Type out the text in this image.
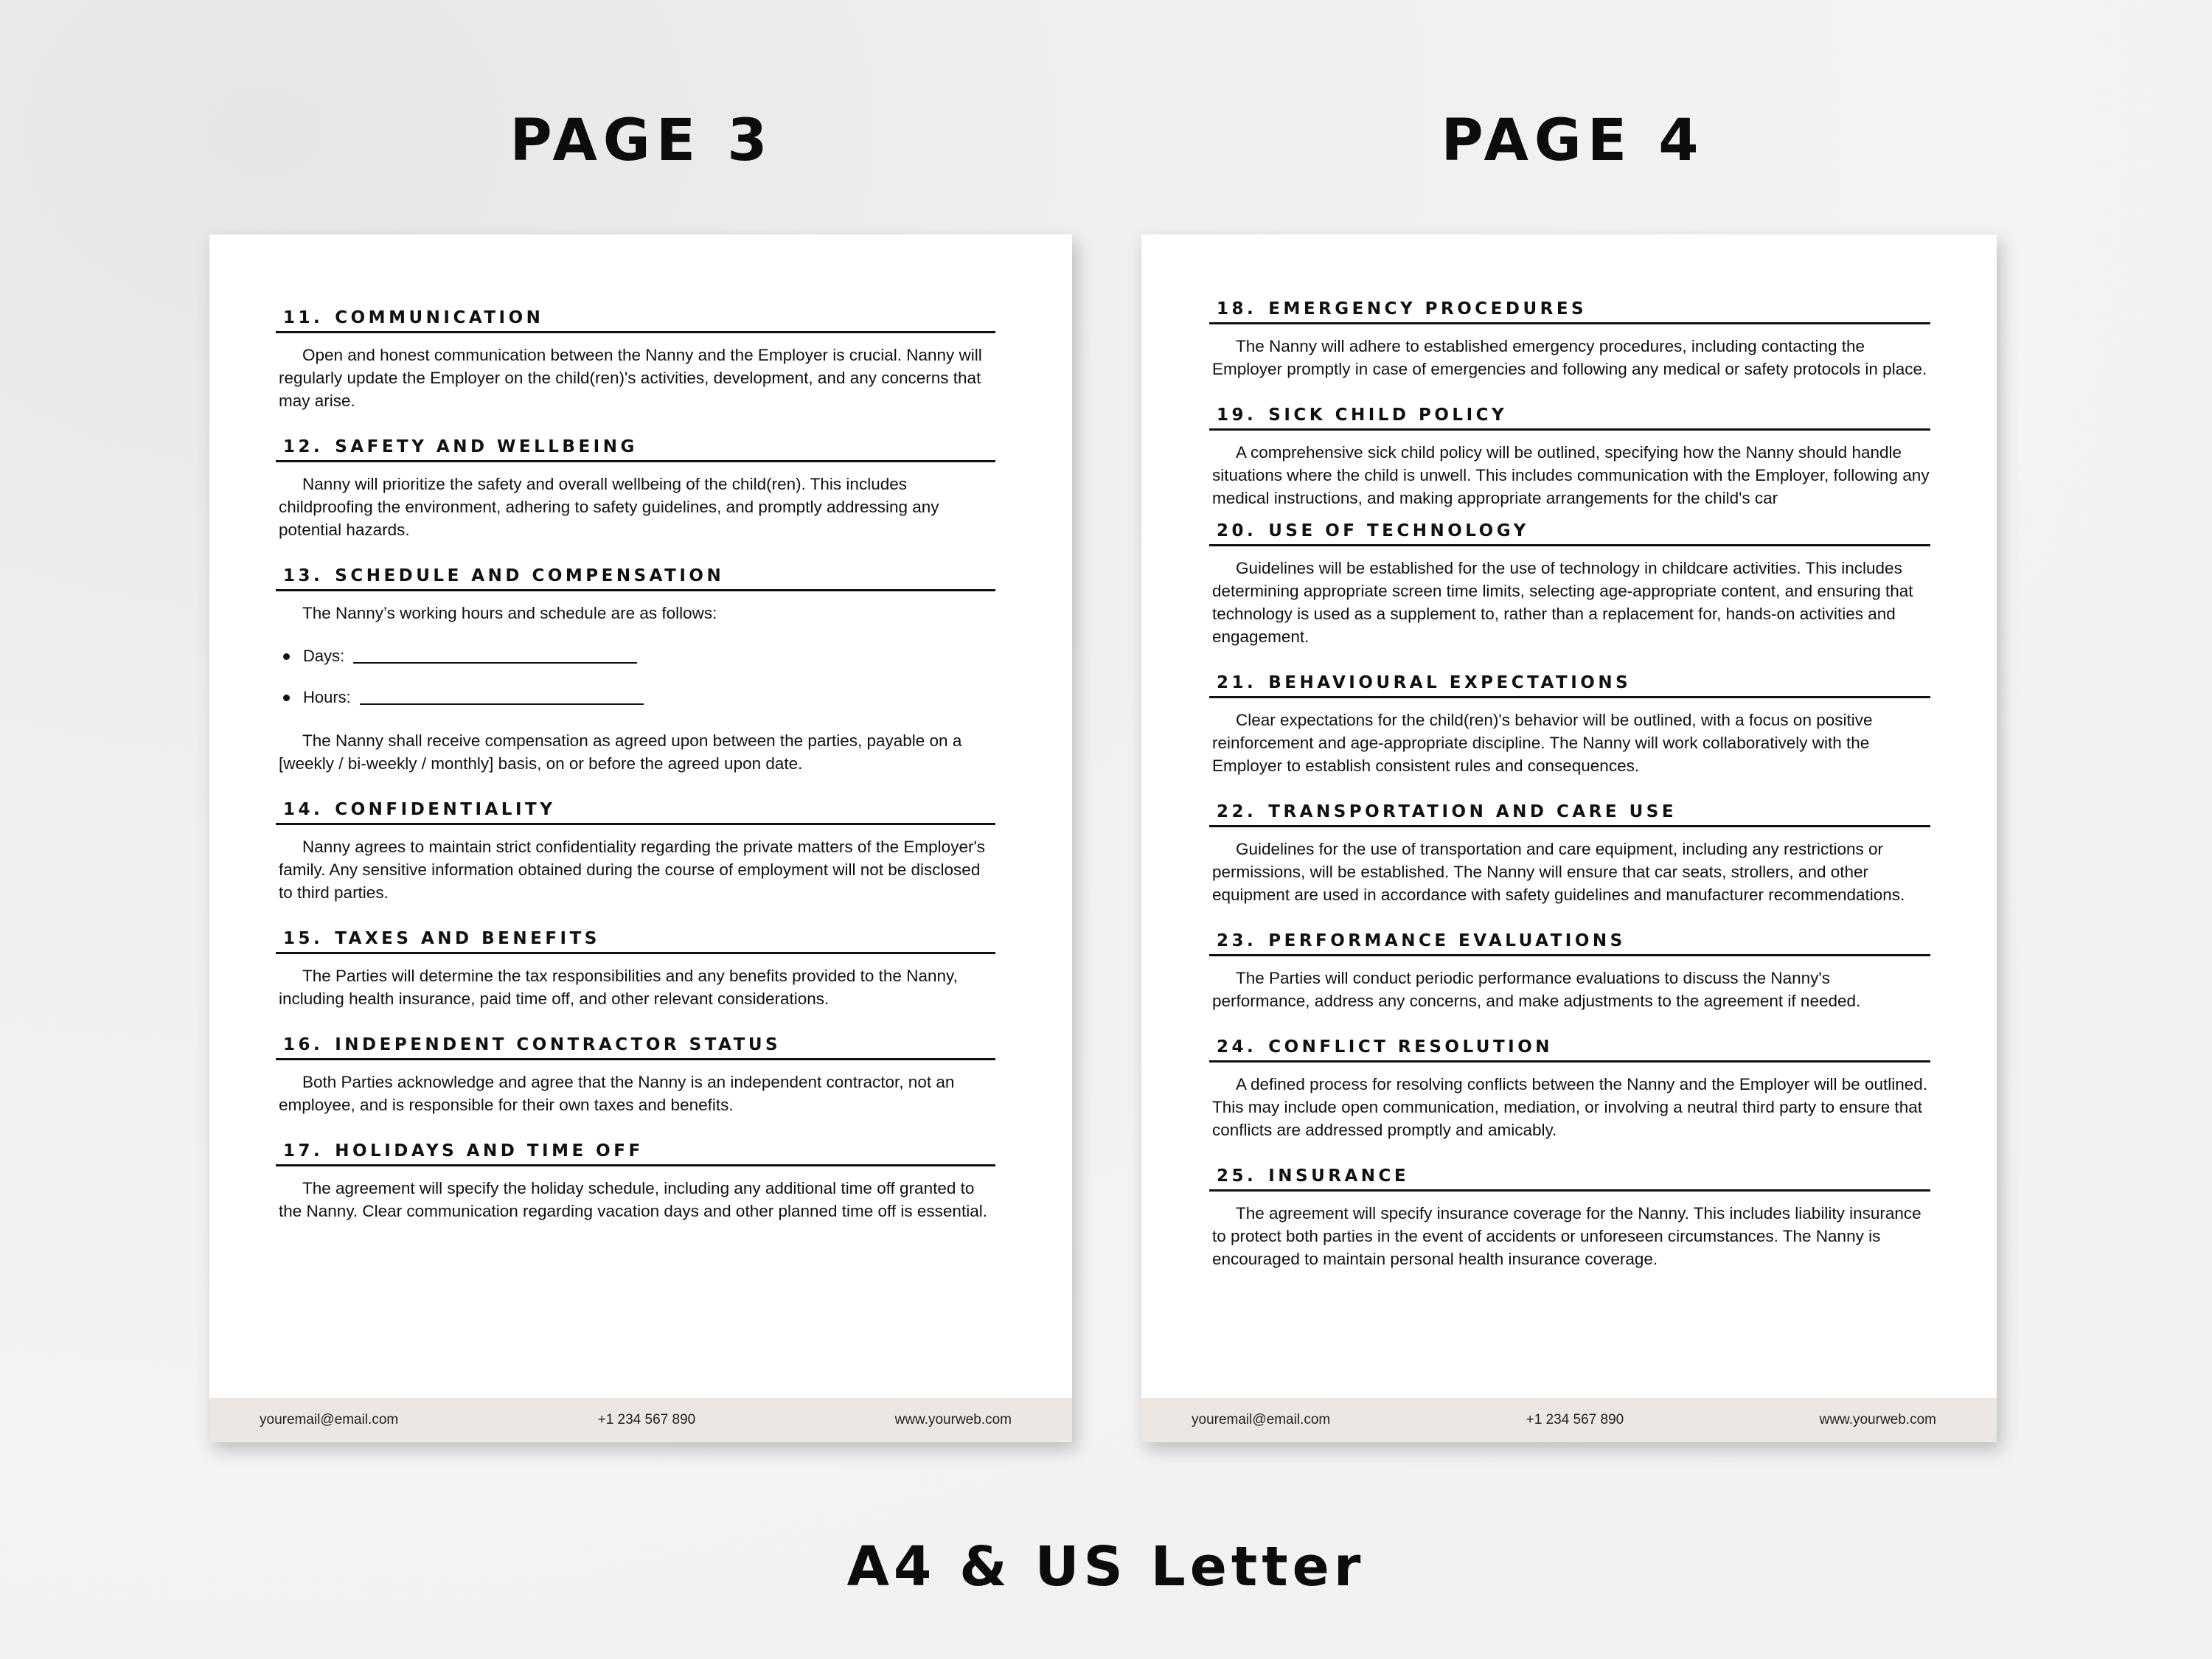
PAGE 3	PAGE 4
11. COMMUNICATION
Open and honest communication between the Nanny and the Employer is crucial. Nanny will regularly update the Employer on the child(ren)'s activities, development, and any concerns that may arise.
12. SAFETY AND WELLBEING
Nanny will prioritize the safety and overall wellbeing of the child(ren). This includes childproofing the environment, adhering to safety guidelines, and promptly addressing any potential hazards.
13. SCHEDULE AND COMPENSATION
The Nanny’s working hours and schedule are as follows:
Days:
Hours:
The Nanny shall receive compensation as agreed upon between the parties, payable on a [weekly / bi-weekly / monthly] basis, on or before the agreed upon date.
14. CONFIDENTIALITY
Nanny agrees to maintain strict confidentiality regarding the private matters of the Employer's family. Any sensitive information obtained during the course of employment will not be disclosed to third parties.
15. TAXES AND BENEFITS
The Parties will determine the tax responsibilities and any benefits provided to the Nanny, including health insurance, paid time off, and other relevant considerations.
16. INDEPENDENT CONTRACTOR STATUS
Both Parties acknowledge and agree that the Nanny is an independent contractor, not an employee, and is responsible for their own taxes and benefits.
17. HOLIDAYS AND TIME OFF
The agreement will specify the holiday schedule, including any additional time off granted to the Nanny. Clear communication regarding vacation days and other planned time off is essential.
youremail@email.com	+1 234 567 890	www.yourweb.com
18. EMERGENCY PROCEDURES
The Nanny will adhere to established emergency procedures, including contacting the Employer promptly in case of emergencies and following any medical or safety protocols in place.
19. SICK CHILD POLICY
A comprehensive sick child policy will be outlined, specifying how the Nanny should handle situations where the child is unwell. This includes communication with the Employer, following any medical instructions, and making appropriate arrangements for the child's car
20. USE OF TECHNOLOGY
Guidelines will be established for the use of technology in childcare activities. This includes determining appropriate screen time limits, selecting age-appropriate content, and ensuring that technology is used as a supplement to, rather than a replacement for, hands-on activities and engagement.
21. BEHAVIOURAL EXPECTATIONS
Clear expectations for the child(ren)'s behavior will be outlined, with a focus on positive reinforcement and age-appropriate discipline. The Nanny will work collaboratively with the Employer to establish consistent rules and consequences.
22. TRANSPORTATION AND CARE USE
Guidelines for the use of transportation and care equipment, including any restrictions or permissions, will be established. The Nanny will ensure that car seats, strollers, and other equipment are used in accordance with safety guidelines and manufacturer recommendations.
23. PERFORMANCE EVALUATIONS
The Parties will conduct periodic performance evaluations to discuss the Nanny's performance, address any concerns, and make adjustments to the agreement if needed.
24. CONFLICT RESOLUTION
A defined process for resolving conflicts between the Nanny and the Employer will be outlined. This may include open communication, mediation, or involving a neutral third party to ensure that conflicts are addressed promptly and amicably.
25. INSURANCE
The agreement will specify insurance coverage for the Nanny. This includes liability insurance to protect both parties in the event of accidents or unforeseen circumstances. The Nanny is encouraged to maintain personal health insurance coverage.
youremail@email.com	+1 234 567 890	www.yourweb.com
A4 & US Letter
